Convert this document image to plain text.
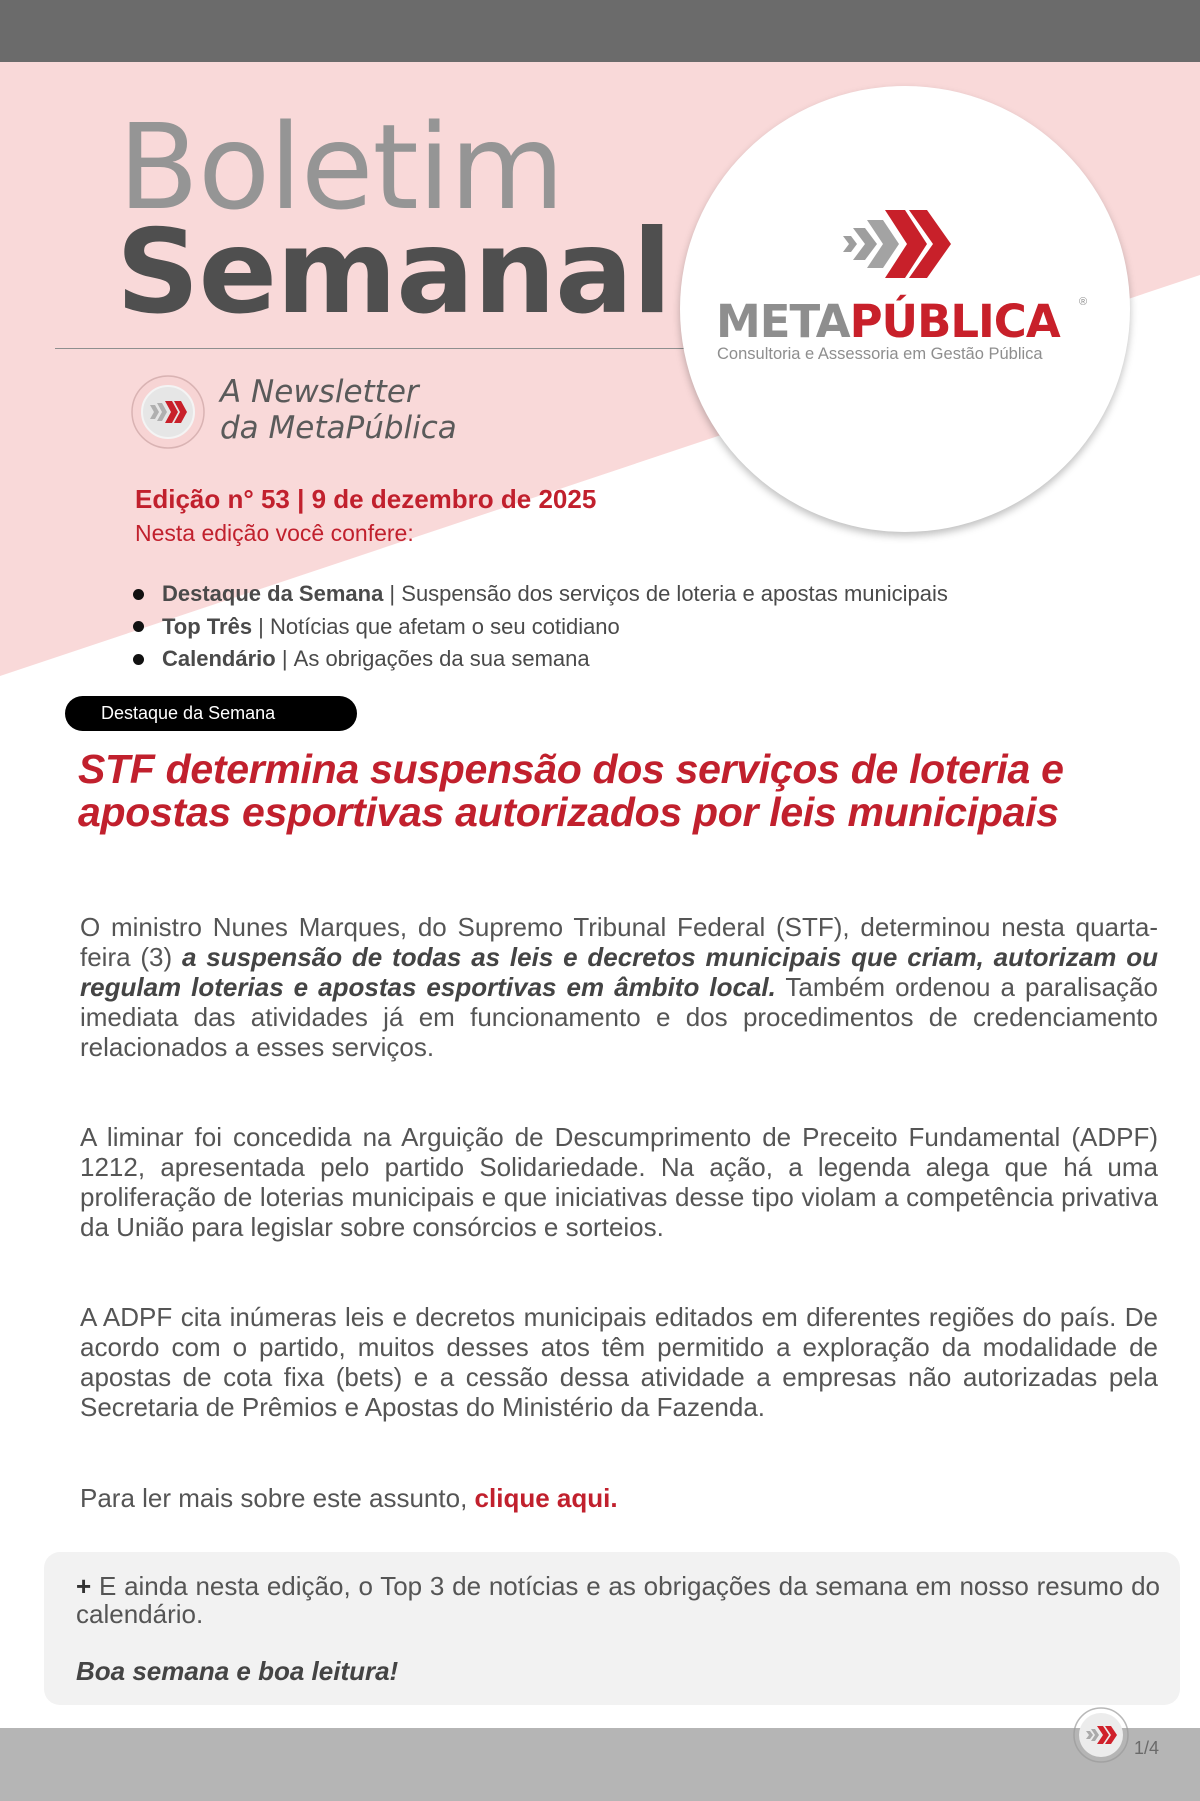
Boletim
Semanal
A Newsletter
da MetaPública
METAPÚBLICA ®
Consultoria e Assessoria em Gestão Pública
Edição n° 53 | 9 de dezembro de 2025
Nesta edição você confere:
Destaque da Semana | Suspensão dos serviços de loteria e apostas municipais
Top Três | Notícias que afetam o seu cotidiano
Calendário | As obrigações da sua semana
Destaque da Semana
STF determina suspensão dos serviços de loteria e apostas esportivas autorizados por leis municipais

O ministro Nunes Marques, do Supremo Tribunal Federal (STF), determinou nesta quarta-feira (3) a suspensão de todas as leis e decretos municipais que criam, autorizam ou regulam loterias e apostas esportivas em âmbito local. Também ordenou a paralisação imediata das atividades já em funcionamento e dos procedimentos de credenciamento relacionados a esses serviços.

A liminar foi concedida na Arguição de Descumprimento de Preceito Fundamental (ADPF) 1212, apresentada pelo partido Solidariedade. Na ação, a legenda alega que há uma proliferação de loterias municipais e que iniciativas desse tipo violam a competência privativa da União para legislar sobre consórcios e sorteios.

A ADPF cita inúmeras leis e decretos municipais editados em diferentes regiões do país. De acordo com o partido, muitos desses atos têm permitido a exploração da modalidade de apostas de cota fixa (bets) e a cessão dessa atividade a empresas não autorizadas pela Secretaria de Prêmios e Apostas do Ministério da Fazenda.

Para ler mais sobre este assunto, clique aqui.

+ E ainda nesta edição, o Top 3 de notícias e as obrigações da semana em nosso resumo do calendário.

Boa semana e boa leitura!
1/4
